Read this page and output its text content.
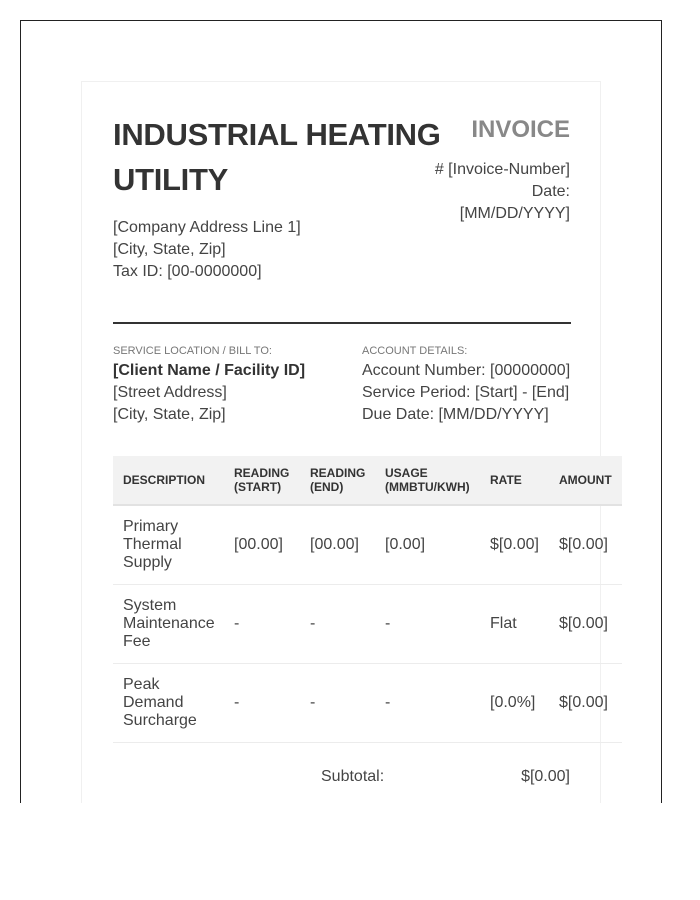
INDUSTRIAL HEATING UTILITY
[Company Address Line 1]
[City, State, Zip]
Tax ID: [00-0000000]
INVOICE
# [Invoice-Number]
Date:
[MM/DD/YYYY]
SERVICE LOCATION / BILL TO:
[Client Name / Facility ID]
[Street Address]
[City, State, Zip]
ACCOUNT DETAILS:
Account Number: [00000000]
Service Period: [Start] - [End]
Due Date: [MM/DD/YYYY]
DESCRIPTION	READING (START)	READING (END)	USAGE (MMBTU/KWH)	RATE	AMOUNT
Primary Thermal Supply	[00.00]	[00.00]	[0.00]	$[0.00]	$[0.00]
System Maintenance Fee	-	-	-	Flat	$[0.00]
Peak Demand Surcharge	-	-	-	[0.0%]	$[0.00]
Subtotal:	$[0.00]
